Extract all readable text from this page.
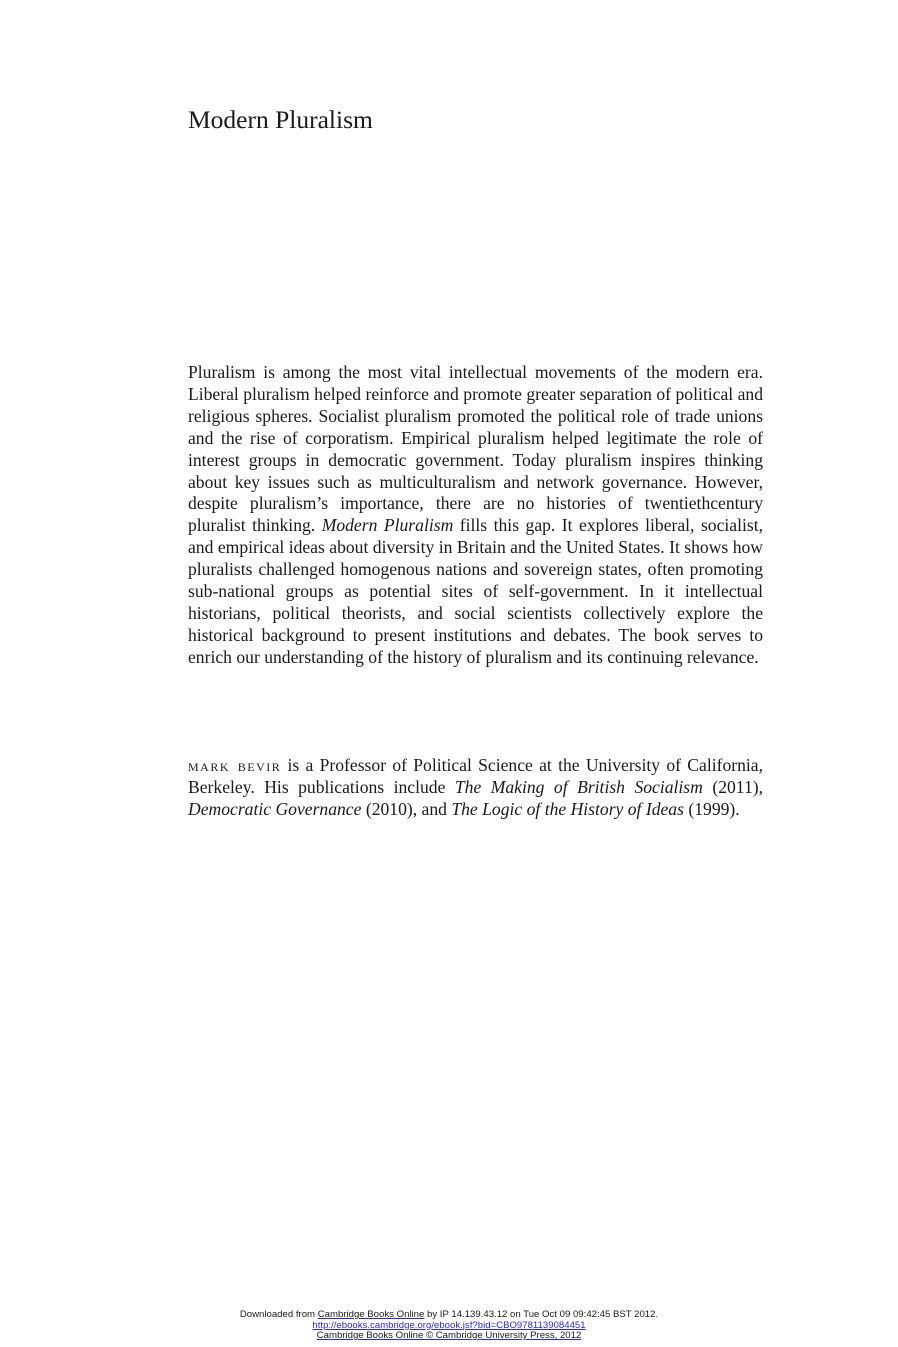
Modern Pluralism

Pluralism is among the most vital intellectual movements of the modern era. Liberal pluralism helped reinforce and promote greater separation of political and religious spheres. Socialist pluralism promoted the political role of trade unions and the rise of corporatism. Empirical pluralism helped legitimate the role of interest groups in democratic government. Today pluralism inspires thinking about key issues such as multiculturalism and network governance. However, despite pluralism’s importance, there are no histories of twentiethcentury pluralist thinking. Modern Pluralism fills this gap. It explores liberal, socialist, and empirical ideas about diversity in Britain and the United States. It shows how pluralists challenged homogenous nations and sovereign states, often promoting sub-national groups as potential sites of self-government. In it intellectual historians, political theorists, and social scientists collectively explore the historical background to present institutions and debates. The book serves to enrich our understanding of the history of pluralism and its continuing relevance.

mark bevir is a Professor of Political Science at the University of California, Berkeley. His publications include The Making of British Socialism (2011), Democratic Governance (2010), and The Logic of the History of Ideas (1999).

Downloaded from Cambridge Books Online by IP 14.139.43.12 on Tue Oct 09 09:42:45 BST 2012.
http://ebooks.cambridge.org/ebook.jsf?bid=CBO9781139084451
Cambridge Books Online © Cambridge University Press, 2012
